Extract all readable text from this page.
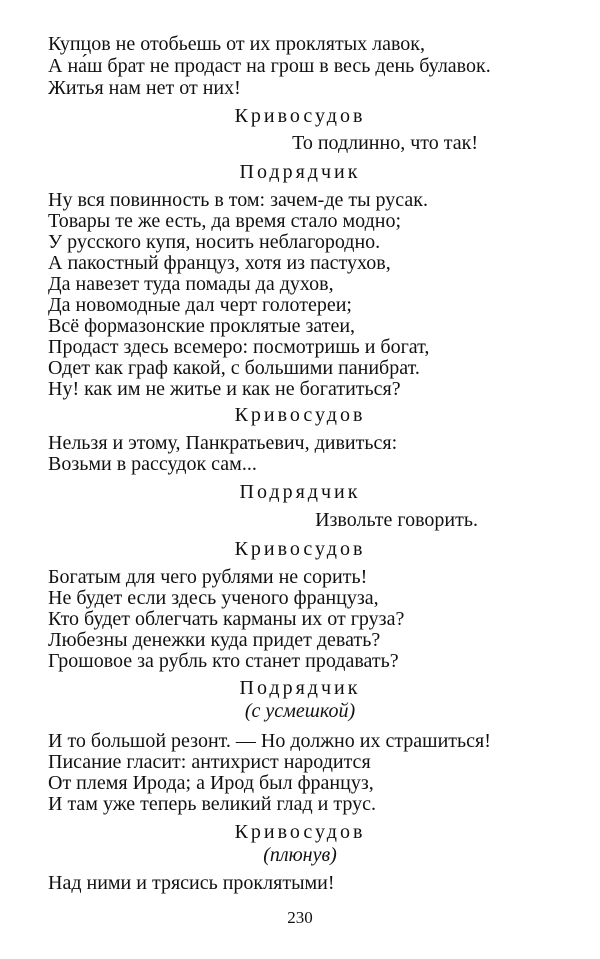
Купцов не отобьешь от их проклятых лавок,
А на́ш брат не продаст на грош в весь день булавок.
Житья нам нет от них!
Кривосудов
То подлинно, что так!
Подрядчик
Ну вся повинность в том: зачем-де ты русак.
Товары те же есть, да время стало модно;
У русского купя, носить неблагородно.
А пакостный француз, хотя из пастухов,
Да навезет туда помады да духов,
Да новомодные дал черт голотереи;
Всё формазонские проклятые затеи,
Продаст здесь всемеро: посмотришь и богат,
Одет как граф какой, с большими панибрат.
Ну! как им не житье и как не богатиться?
Кривосудов
Нельзя и этому, Панкратьевич, дивиться:
Возьми в рассудок сам...
Подрядчик
Извольте говорить.
Кривосудов
Богатым для чего рублями не сорить!
Не будет если здесь ученого француза,
Кто будет облегчать карманы их от груза?
Любезны денежки куда придет девать?
Грошовое за рубль кто станет продавать?
Подрядчик
(с усмешкой)
И то большой резонт. — Но должно их страшиться!
Писание гласит: антихрист народится
От племя Ирода; а Ирод был француз,
И там уже теперь великий глад и трус.
Кривосудов
(плюнув)
Над ними и трясись проклятыми!
230
